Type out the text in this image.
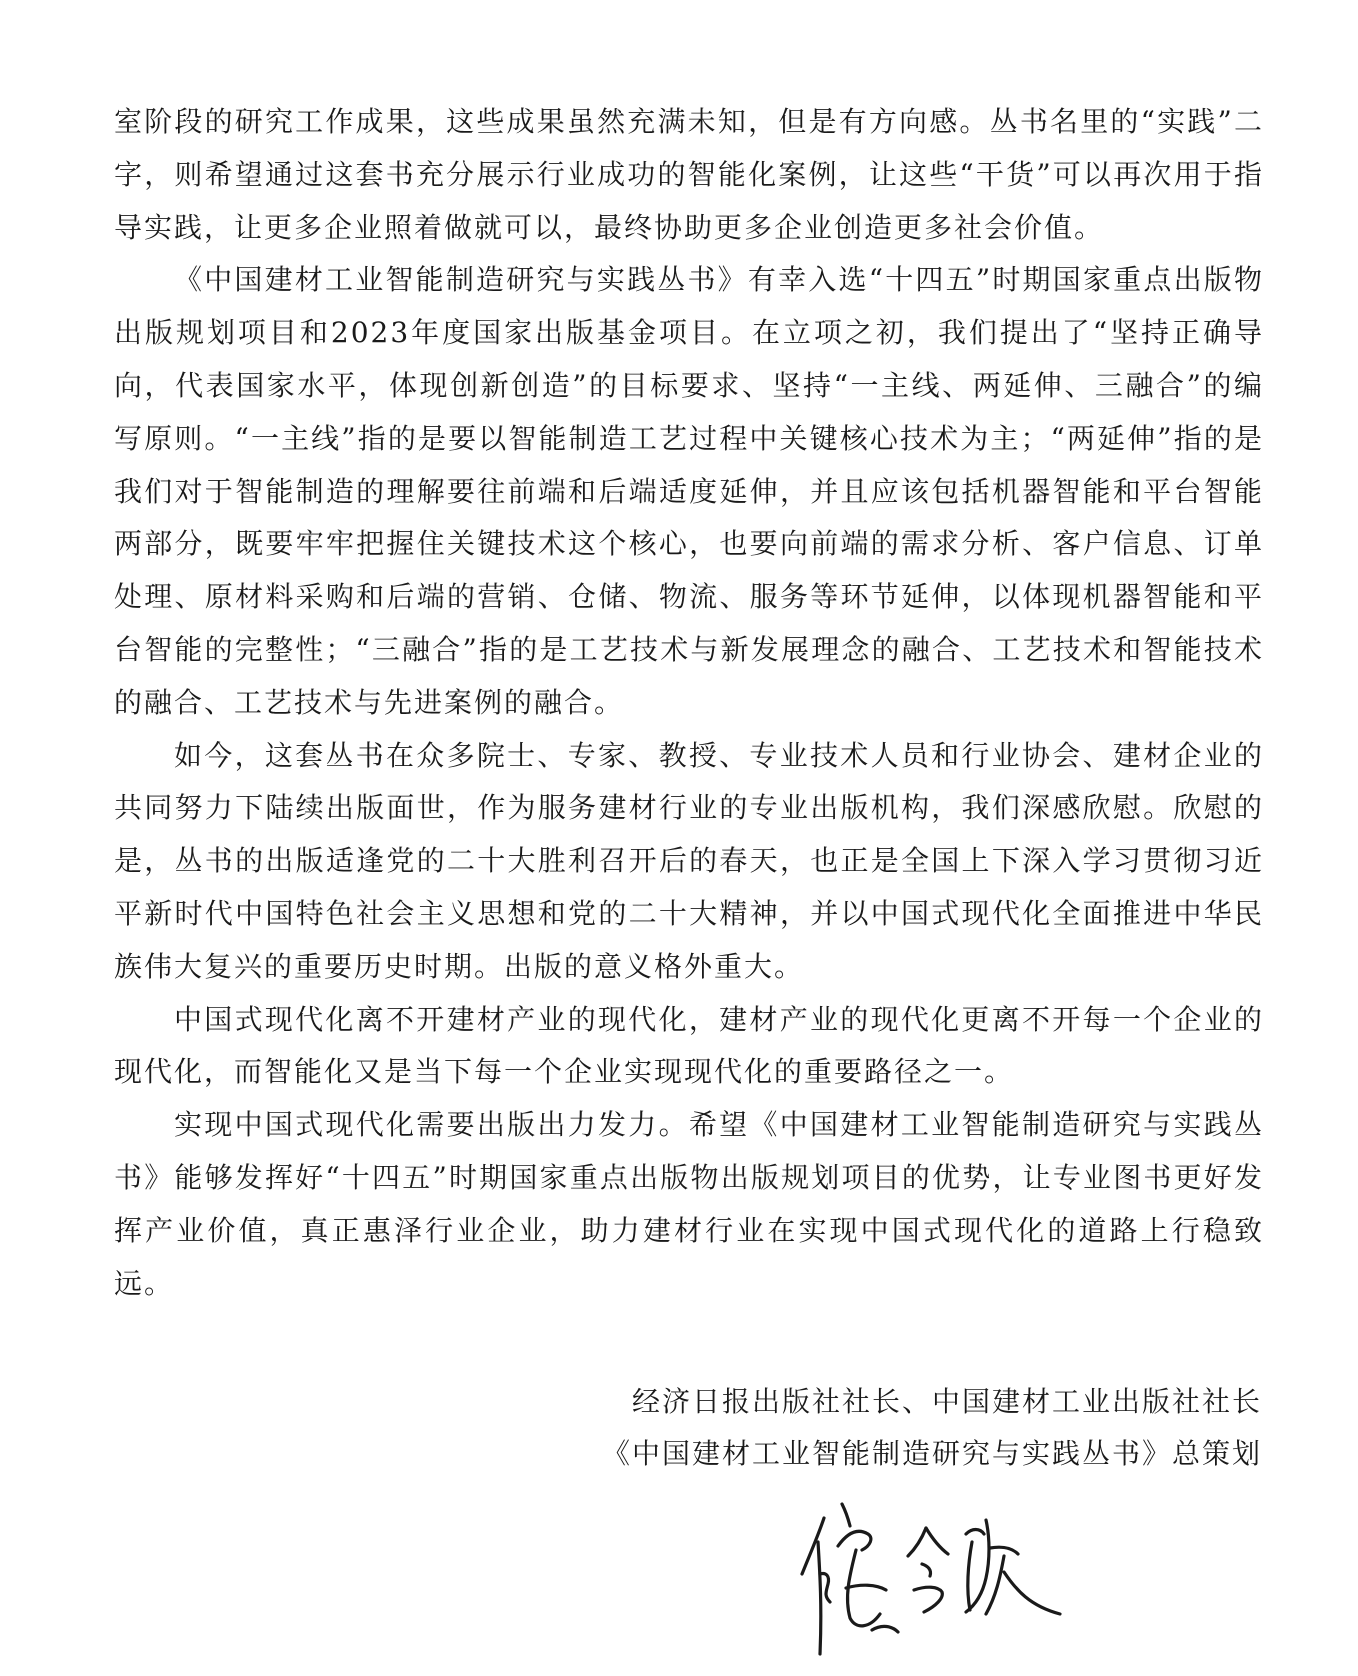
室阶段的研究工作成果，这些成果虽然充满未知，但是有方向感。丛书名里的“实践”二字，则希望通过这套书充分展示行业成功的智能化案例，让这些“干货”可以再次用于指导实践，让更多企业照着做就可以，最终协助更多企业创造更多社会价值。

《中国建材工业智能制造研究与实践丛书》有幸入选“十四五”时期国家重点出版物出版规划项目和2023年度国家出版基金项目。在立项之初，我们提出了“坚持正确导向，代表国家水平，体现创新创造”的目标要求、坚持“一主线、两延伸、三融合”的编写原则。“一主线”指的是要以智能制造工艺过程中关键核心技术为主；“两延伸”指的是我们对于智能制造的理解要往前端和后端适度延伸，并且应该包括机器智能和平台智能两部分，既要牢牢把握住关键技术这个核心，也要向前端的需求分析、客户信息、订单处理、原材料采购和后端的营销、仓储、物流、服务等环节延伸，以体现机器智能和平台智能的完整性；“三融合”指的是工艺技术与新发展理念的融合、工艺技术和智能技术的融合、工艺技术与先进案例的融合。

如今，这套丛书在众多院士、专家、教授、专业技术人员和行业协会、建材企业的共同努力下陆续出版面世，作为服务建材行业的专业出版机构，我们深感欣慰。欣慰的是，丛书的出版适逢党的二十大胜利召开后的春天，也正是全国上下深入学习贯彻习近平新时代中国特色社会主义思想和党的二十大精神，并以中国式现代化全面推进中华民族伟大复兴的重要历史时期。出版的意义格外重大。

中国式现代化离不开建材产业的现代化，建材产业的现代化更离不开每一个企业的现代化，而智能化又是当下每一个企业实现现代化的重要路径之一。

实现中国式现代化需要出版出力发力。希望《中国建材工业智能制造研究与实践丛书》能够发挥好“十四五”时期国家重点出版物出版规划项目的优势，让专业图书更好发挥产业价值，真正惠泽行业企业，助力建材行业在实现中国式现代化的道路上行稳致远。

经济日报出版社社长、中国建材工业出版社社长
《中国建材工业智能制造研究与实践丛书》总策划
